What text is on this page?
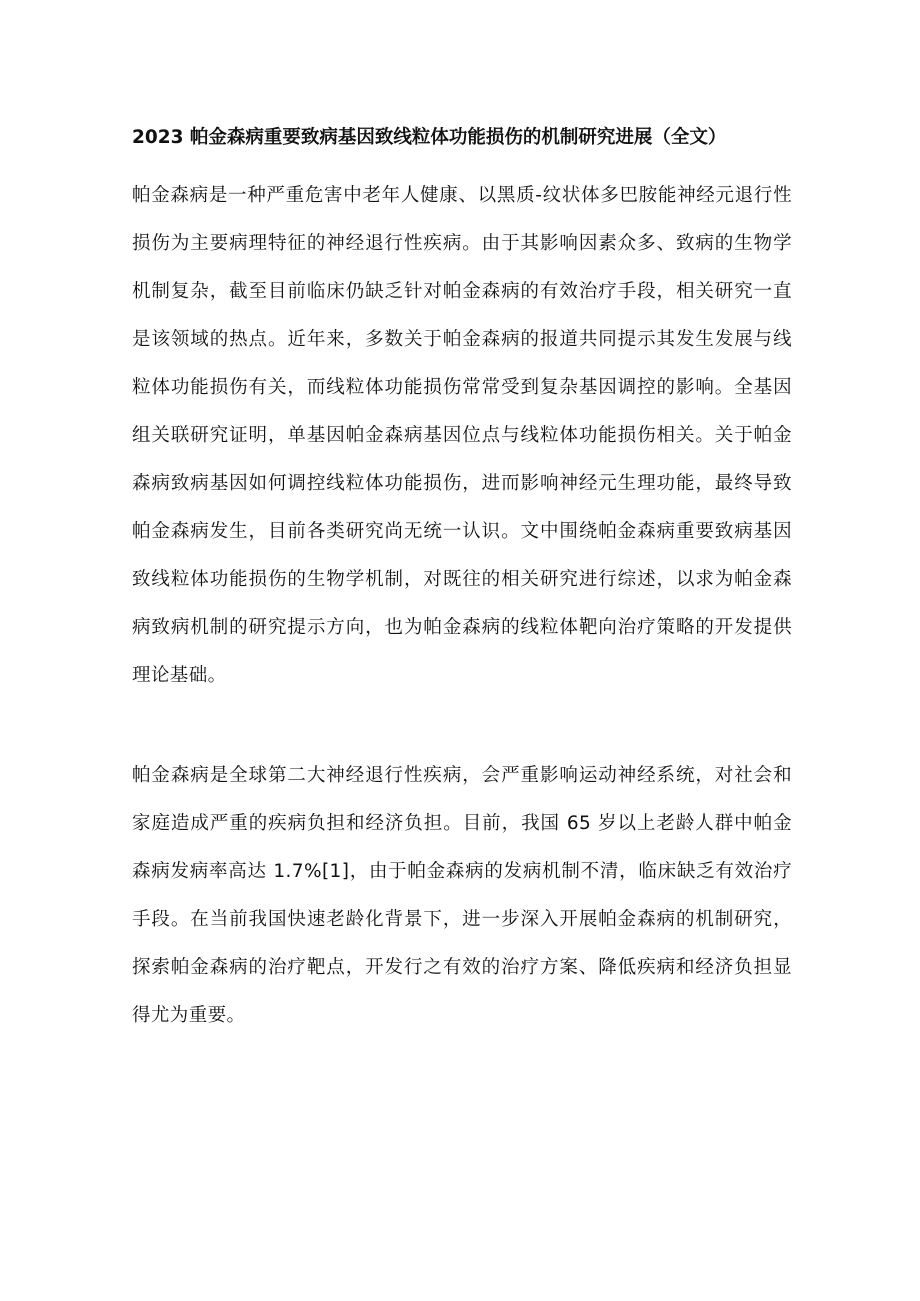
2023 帕金森病重要致病基因致线粒体功能损伤的机制研究进展（全文）

帕金森病是一种严重危害中老年人健康、以黑质-纹状体多巴胺能神经元退行性损伤为主要病理特征的神经退行性疾病。由于其影响因素众多、致病的生物学机制复杂，截至目前临床仍缺乏针对帕金森病的有效治疗手段，相关研究一直是该领域的热点。近年来，多数关于帕金森病的报道共同提示其发生发展与线粒体功能损伤有关，而线粒体功能损伤常常受到复杂基因调控的影响。全基因组关联研究证明，单基因帕金森病基因位点与线粒体功能损伤相关。关于帕金森病致病基因如何调控线粒体功能损伤，进而影响神经元生理功能，最终导致帕金森病发生，目前各类研究尚无统一认识。文中围绕帕金森病重要致病基因致线粒体功能损伤的生物学机制，对既往的相关研究进行综述，以求为帕金森病致病机制的研究提示方向，也为帕金森病的线粒体靶向治疗策略的开发提供理论基础。

帕金森病是全球第二大神经退行性疾病，会严重影响运动神经系统，对社会和家庭造成严重的疾病负担和经济负担。目前，我国 65 岁以上老龄人群中帕金森病发病率高达 1.7%[1]，由于帕金森病的发病机制不清，临床缺乏有效治疗手段。在当前我国快速老龄化背景下，进一步深入开展帕金森病的机制研究，探索帕金森病的治疗靶点，开发行之有效的治疗方案、降低疾病和经济负担显得尤为重要。
